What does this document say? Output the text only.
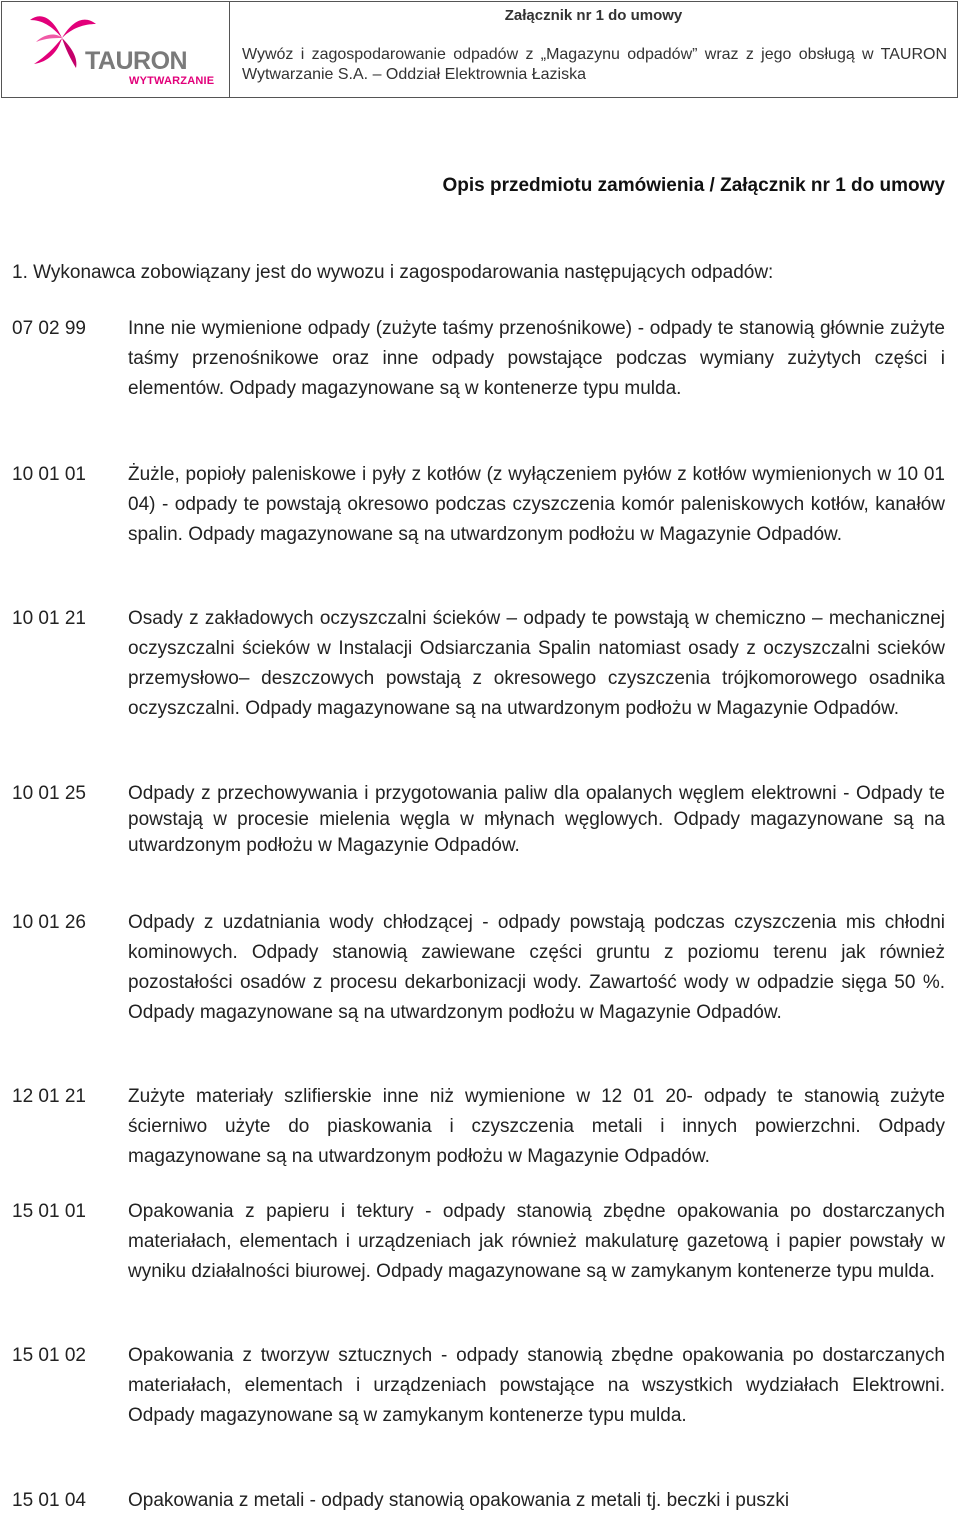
TAURON
WYTWARZANIE
Załącznik nr 1 do umowy
Wywóz i zagospodarowanie odpadów z „Magazynu odpadów” wraz z jego obsługą w TAURON Wytwarzanie S.A. – Oddział Elektrownia Łaziska
Opis przedmiotu zamówienia / Załącznik nr 1 do umowy
1. Wykonawca zobowiązany jest do wywozu i zagospodarowania następujących odpadów:
07 02 99	Inne nie wymienione odpady (zużyte taśmy przenośnikowe) - odpady te stanowią głównie zużyte taśmy przenośnikowe oraz inne odpady powstające podczas wymiany zużytych części i elementów. Odpady magazynowane są w kontenerze typu mulda.
10 01 01	Żużle, popioły paleniskowe i pyły z kotłów (z wyłączeniem pyłów z kotłów wymienionych w 10 01 04) - odpady te powstają okresowo podczas czyszczenia komór paleniskowych kotłów, kanałów spalin. Odpady magazynowane są na utwardzonym podłożu w Magazynie Odpadów.
10 01 21	Osady z zakładowych oczyszczalni ścieków – odpady te powstają w chemiczno – mechanicznej oczyszczalni ścieków w Instalacji Odsiarczania Spalin natomiast osady z oczyszczalni scieków przemysłowo– deszczowych powstają z okresowego czyszczenia trójkomorowego osadnika oczyszczalni. Odpady magazynowane są na utwardzonym podłożu w Magazynie Odpadów.
10 01 25	Odpady z przechowywania i przygotowania paliw dla opalanych węglem elektrowni - Odpady te powstają w procesie mielenia węgla w młynach węglowych. Odpady magazynowane są na utwardzonym podłożu w Magazynie Odpadów.
10 01 26	Odpady z uzdatniania wody chłodzącej - odpady powstają podczas czyszczenia mis chłodni kominowych. Odpady stanowią zawiewane części gruntu z poziomu terenu jak również pozostałości osadów z procesu dekarbonizacji wody. Zawartość wody w odpadzie sięga 50 %. Odpady magazynowane są na utwardzonym podłożu w Magazynie Odpadów.
12 01 21	Zużyte materiały szlifierskie inne niż wymienione w 12 01 20- odpady te stanowią zużyte ścierniwo użyte do piaskowania i czyszczenia metali i innych powierzchni. Odpady magazynowane są na utwardzonym podłożu w Magazynie Odpadów.
15 01 01	Opakowania z papieru i tektury - odpady stanowią zbędne opakowania po dostarczanych materiałach, elementach i urządzeniach jak również makulaturę gazetową i papier powstały w wyniku działalności biurowej. Odpady magazynowane są w zamykanym kontenerze typu mulda.
15 01 02	Opakowania z tworzyw sztucznych - odpady stanowią zbędne opakowania po dostarczanych materiałach, elementach i urządzeniach powstające na wszystkich wydziałach Elektrowni. Odpady magazynowane są w zamykanym kontenerze typu mulda.
15 01 04	Opakowania z metali - odpady stanowią opakowania z metali tj. beczki i puszki
